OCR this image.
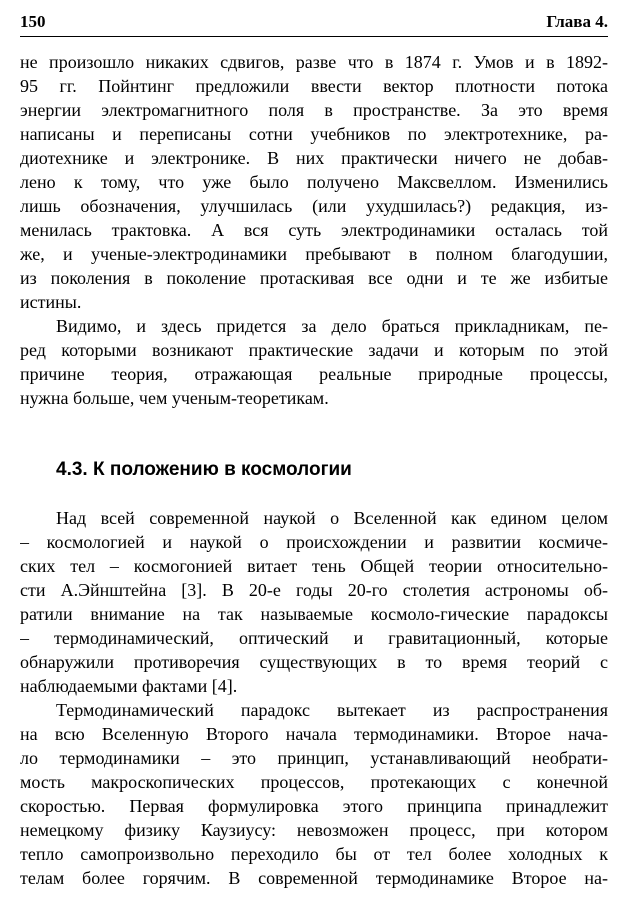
150	Глава 4.

не произошло никаких сдвигов, разве что в 1874 г. Умов и в 1892-

95 гг. Пойнтинг предложили ввести вектор плотности потока

энергии электромагнитного поля в пространстве. За это время

написаны и переписаны сотни учебников по электротехнике, ра-

диотехнике и электронике. В них практически ничего не добав-

лено к тому, что уже было получено Максвеллом. Изменились

лишь обозначения, улучшилась (или ухудшилась?) редакция, из-

менилась трактовка. А вся суть электродинамики осталась той

же, и ученые-электродинамики пребывают в полном благодушии,

из поколения в поколение протаскивая все одни и те же избитые

истины.

Видимо, и здесь придется за дело браться прикладникам, пе-

ред которыми возникают практические задачи и которым по этой

причине теория, отражающая реальные природные процессы,

нужна больше, чем ученым-теоретикам.

4.3. К положению в космологии

Над всей современной наукой о Вселенной как едином целом

– космологией и наукой о происхождении и развитии космиче-

ских тел – космогонией витает тень Общей теории относительно-

сти А.Эйнштейна [3]. В 20-е годы 20-го столетия астрономы об-

ратили внимание на так называемые космоло-гические парадоксы

– термодинамический, оптический и гравитационный, которые

обнаружили противоречия существующих в то время теорий с

наблюдаемыми фактами [4].

Термодинамический парадокс вытекает из распространения

на всю Вселенную Второго начала термодинамики. Второе нача-

ло термодинамики – это принцип, устанавливающий необрати-

мость макроскопических процессов, протекающих с конечной

скоростью. Первая формулировка этого принципа принадлежит

немецкому физику Каузиусу: невозможен процесс, при котором

тепло самопроизвольно переходило бы от тел более холодных к

телам более горячим. В современной термодинамике Второе на-
